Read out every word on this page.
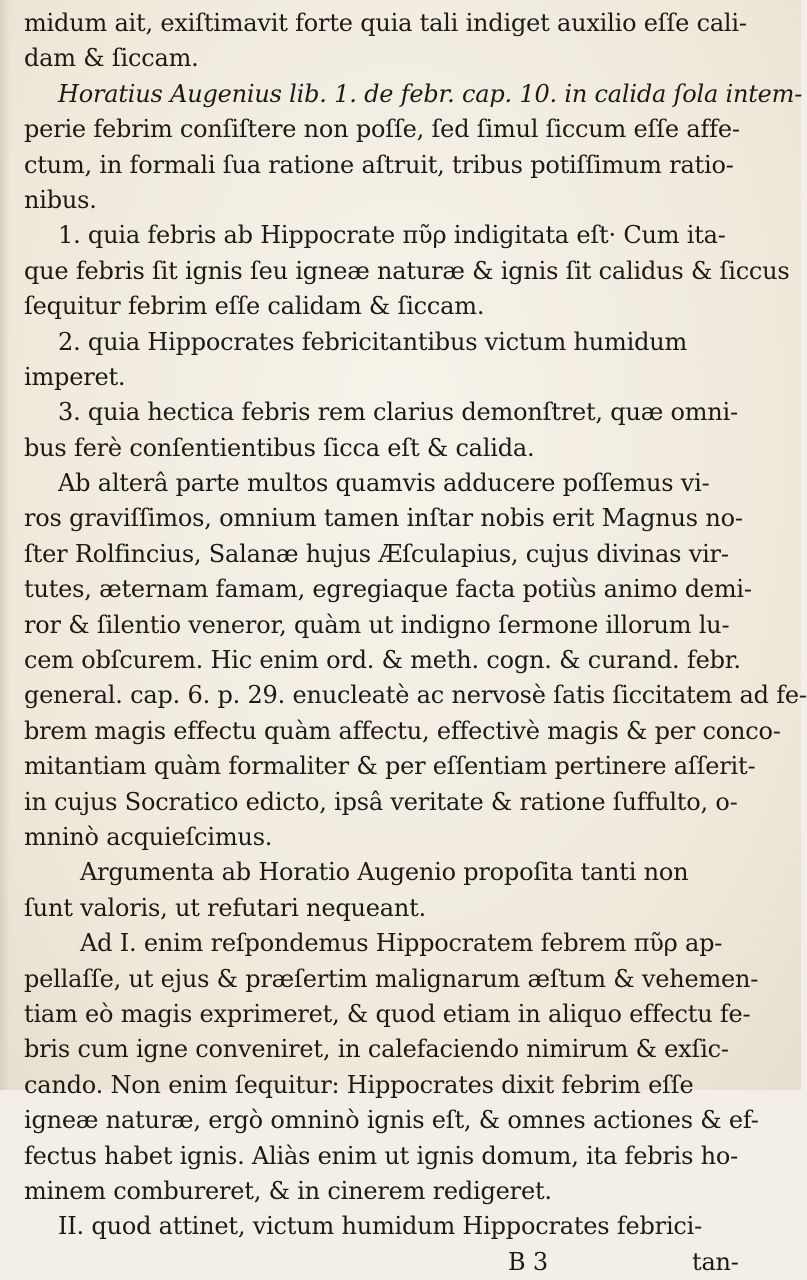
midum ait, exiſtimavit forte quia tali indiget auxilio eſſe cali-
dam & ſiccam.
Horatius Augenius lib. 1. de febr. cap. 10. in calida ſola intem-
perie febrim conſiſtere non poſſe, ſed ſimul ſiccum eſſe affe-
ctum, in formali ſua ratione aſtruit, tribus potiſſimum ratio-
nibus.
1. quia febris ab Hippocrate πῦρ indigitata eſt· Cum ita-
que febris ſit ignis ſeu igneæ naturæ & ignis ſit calidus & ſiccus
ſequitur febrim eſſe calidam & ſiccam.
2. quia Hippocrates febricitantibus victum humidum
imperet.
3. quia hectica febris rem clarius demonſtret, quæ omni-
bus ferè conſentientibus ſicca eſt & calida.
Ab alterâ parte multos quamvis adducere poſſemus vi-
ros graviſſimos, omnium tamen inſtar nobis erit Magnus no-
ſter Rolfincius, Salanæ hujus Æſculapius, cujus divinas vir-
tutes, æternam famam, egregiaque facta potiùs animo demi-
ror & ſilentio veneror, quàm ut indigno ſermone illorum lu-
cem obſcurem. Hic enim ord. & meth. cogn. & curand. febr.
general. cap. 6. p. 29. enucleatè ac nervosè ſatis ſiccitatem ad fe-
brem magis effectu quàm affectu, effectivè magis & per conco-
mitantiam quàm formaliter & per eſſentiam pertinere aſſerit-
in cujus Socratico edicto, ipsâ veritate & ratione ſuffulto, o-
mninò acquieſcimus.
Argumenta ab Horatio Augenio propoſita tanti non
ſunt valoris, ut refutari nequeant.
Ad I. enim reſpondemus Hippocratem febrem πῦρ ap-
pellaſſe, ut ejus & præſertim malignarum æſtum & vehemen-
tiam eò magis exprimeret, & quod etiam in aliquo effectu fe-
bris cum igne conveniret, in calefaciendo nimirum & exſic-
cando. Non enim ſequitur: Hippocrates dixit febrim eſſe
igneæ naturæ, ergò omninò ignis eſt, & omnes actiones & ef-
fectus habet ignis. Aliàs enim ut ignis domum, ita febris ho-
minem combureret, & in cinerem redigeret.
II. quod attinet, victum humidum Hippocrates febrici-
B 3	tan-
